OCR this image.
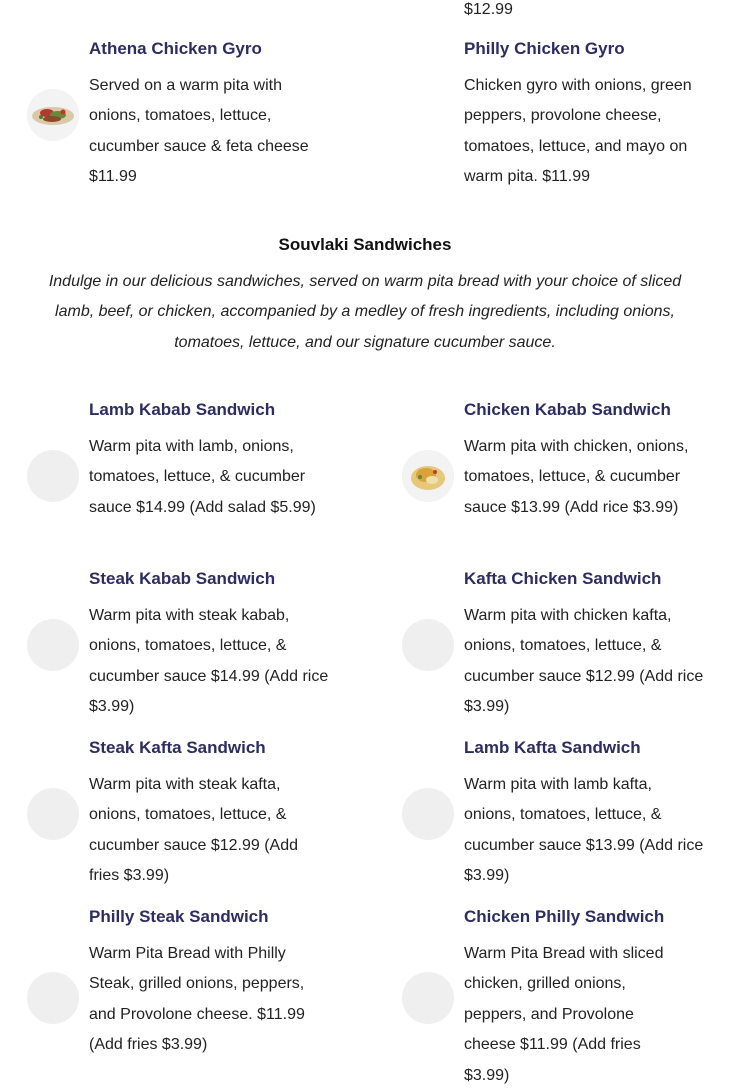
$12.99
Athena Chicken Gyro
Served on a warm pita with onions, tomatoes, lettuce, cucumber sauce & feta cheese $11.99
Philly Chicken Gyro
Chicken gyro with onions, green peppers, provolone cheese, tomatoes, lettuce, and mayo on warm pita. $11.99
Souvlaki Sandwiches
Indulge in our delicious sandwiches, served on warm pita bread with your choice of sliced lamb, beef, or chicken, accompanied by a medley of fresh ingredients, including onions, tomatoes, lettuce, and our signature cucumber sauce.
Lamb Kabab Sandwich
Warm pita with lamb, onions, tomatoes, lettuce, & cucumber sauce $14.99 (Add salad $5.99)
Chicken Kabab Sandwich
Warm pita with chicken, onions, tomatoes, lettuce, & cucumber sauce $13.99 (Add rice $3.99)
Steak Kabab Sandwich
Warm pita with steak kabab, onions, tomatoes, lettuce, & cucumber sauce $14.99 (Add rice $3.99)
Kafta Chicken Sandwich
Warm pita with chicken kafta, onions, tomatoes, lettuce, & cucumber sauce $12.99 (Add rice $3.99)
Steak Kafta Sandwich
Warm pita with steak kafta, onions, tomatoes, lettuce, & cucumber sauce $12.99 (Add fries $3.99)
Lamb Kafta Sandwich
Warm pita with lamb kafta, onions, tomatoes, lettuce, & cucumber sauce $13.99 (Add rice $3.99)
Philly Steak Sandwich
Warm Pita Bread with Philly Steak, grilled onions, peppers, and Provolone cheese. $11.99 (Add fries $3.99)
Chicken Philly Sandwich
Warm Pita Bread with sliced chicken, grilled onions, peppers, and Provolone cheese $11.99 (Add fries $3.99)
